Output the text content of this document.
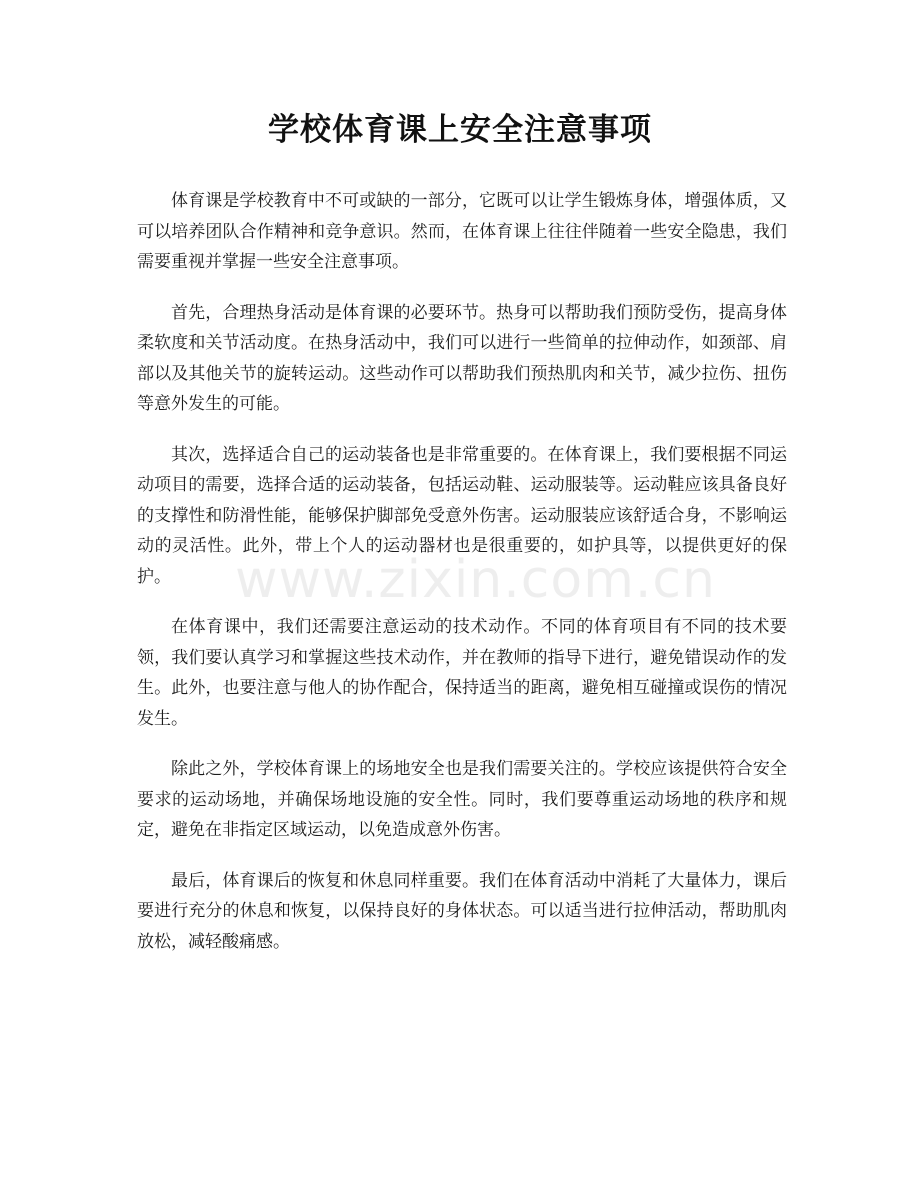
学校体育课上安全注意事项

体育课是学校教育中不可或缺的一部分，它既可以让学生锻炼身体，增强体质，又可以培养团队合作精神和竞争意识。然而，在体育课上往往伴随着一些安全隐患，我们需要重视并掌握一些安全注意事项。

首先，合理热身活动是体育课的必要环节。热身可以帮助我们预防受伤，提高身体柔软度和关节活动度。在热身活动中，我们可以进行一些简单的拉伸动作，如颈部、肩部以及其他关节的旋转运动。这些动作可以帮助我们预热肌肉和关节，减少拉伤、扭伤等意外发生的可能。

其次，选择适合自己的运动装备也是非常重要的。在体育课上，我们要根据不同运动项目的需要，选择合适的运动装备，包括运动鞋、运动服装等。运动鞋应该具备良好的支撑性和防滑性能，能够保护脚部免受意外伤害。运动服装应该舒适合身，不影响运动的灵活性。此外，带上个人的运动器材也是很重要的，如护具等，以提供更好的保护。

在体育课中，我们还需要注意运动的技术动作。不同的体育项目有不同的技术要领，我们要认真学习和掌握这些技术动作，并在教师的指导下进行，避免错误动作的发生。此外，也要注意与他人的协作配合，保持适当的距离，避免相互碰撞或误伤的情况发生。

除此之外，学校体育课上的场地安全也是我们需要关注的。学校应该提供符合安全要求的运动场地，并确保场地设施的安全性。同时，我们要尊重运动场地的秩序和规定，避免在非指定区域运动，以免造成意外伤害。

最后，体育课后的恢复和休息同样重要。我们在体育活动中消耗了大量体力，课后要进行充分的休息和恢复，以保持良好的身体状态。可以适当进行拉伸活动，帮助肌肉放松，减轻酸痛感。

www.zixin.com.cn
